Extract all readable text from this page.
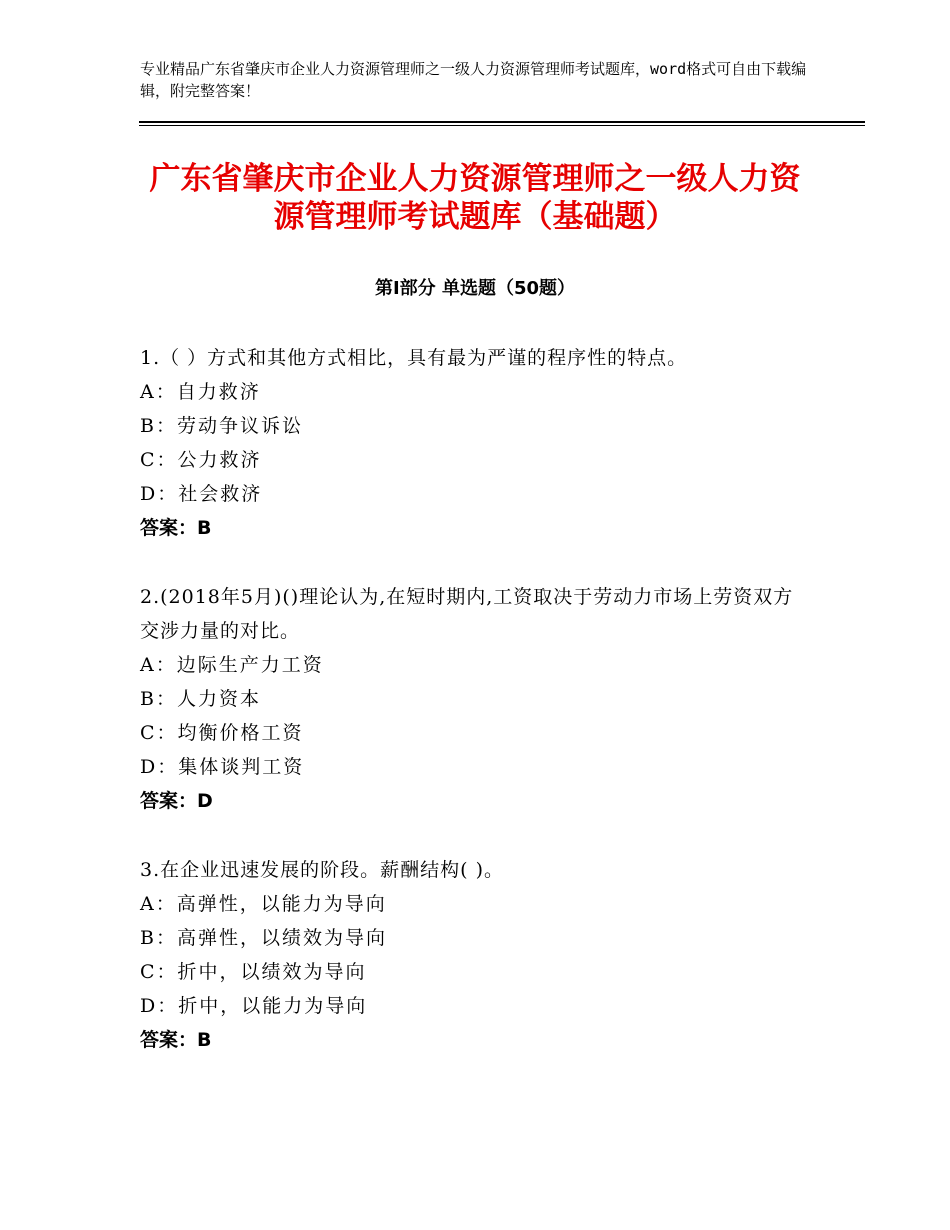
专业精品广东省肇庆市企业人力资源管理师之一级人力资源管理师考试题库，word格式可自由下载编辑，附完整答案！
广东省肇庆市企业人力资源管理师之一级人力资源管理师考试题库（基础题）
第Ⅰ部分 单选题（50题）
1.（ ）方式和其他方式相比，具有最为严谨的程序性的特点。
A：自力救济
B：劳动争议诉讼
C：公力救济
D：社会救济
答案：B
2.(2018年5月)()理论认为,在短时期内,工资取决于劳动力市场上劳资双方交涉力量的对比。
A：边际生产力工资
B：人力资本
C：均衡价格工资
D：集体谈判工资
答案：D
3.在企业迅速发展的阶段。薪酬结构( )。
A：高弹性，以能力为导向
B：高弹性，以绩效为导向
C：折中，以绩效为导向
D：折中，以能力为导向
答案：B
